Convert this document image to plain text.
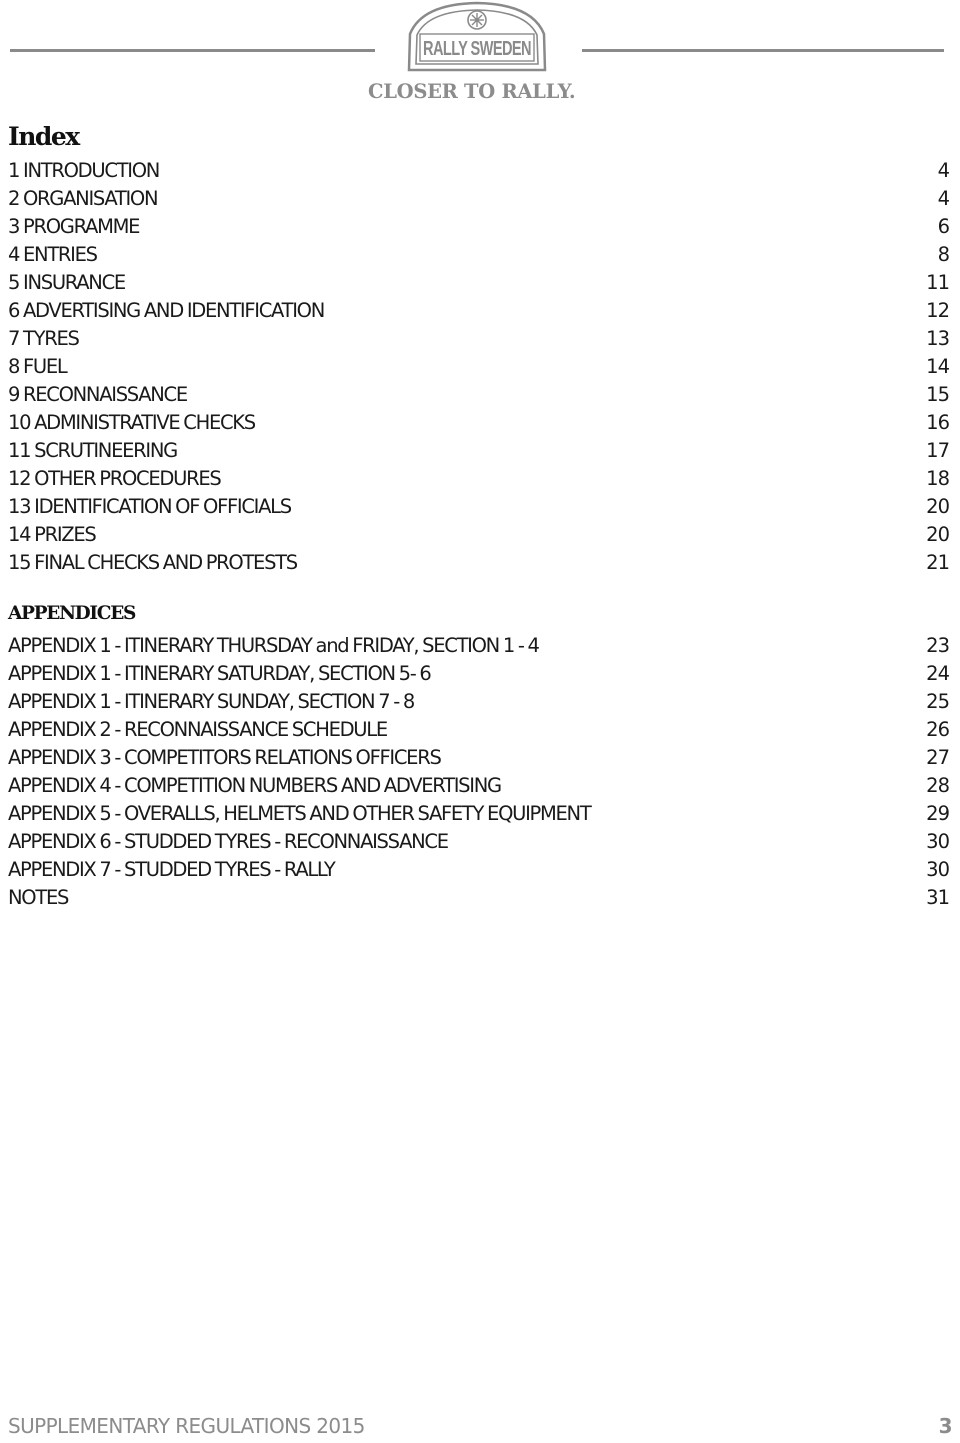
RALLY SWEDEN
CLOSER TO RALLY.
Index
1 INTRODUCTION	4
2 ORGANISATION	4
3 PROGRAMME	6
4 ENTRIES	8
5 INSURANCE	11
6 ADVERTISING AND IDENTIFICATION	12
7 TYRES	13
8 FUEL	14
9 RECONNAISSANCE	15
10 ADMINISTRATIVE CHECKS	16
11 SCRUTINEERING	17
12 OTHER PROCEDURES	18
13 IDENTIFICATION OF OFFICIALS	20
14 PRIZES	20
15 FINAL CHECKS AND PROTESTS	21
APPENDICES
APPENDIX 1 - ITINERARY THURSDAY and FRIDAY, SECTION 1 - 4	23
APPENDIX 1 - ITINERARY SATURDAY, SECTION 5- 6	24
APPENDIX 1 - ITINERARY SUNDAY, SECTION 7 - 8	25
APPENDIX 2 - RECONNAISSANCE SCHEDULE	26
APPENDIX 3 - COMPETITORS RELATIONS OFFICERS	27
APPENDIX 4 - COMPETITION NUMBERS AND ADVERTISING	28
APPENDIX 5 - OVERALLS, HELMETS AND OTHER SAFETY EQUIPMENT	29
APPENDIX 6 - STUDDED TYRES - RECONNAISSANCE	30
APPENDIX 7 - STUDDED TYRES - RALLY	30
NOTES	31
SUPPLEMENTARY REGULATIONS 2015	3
